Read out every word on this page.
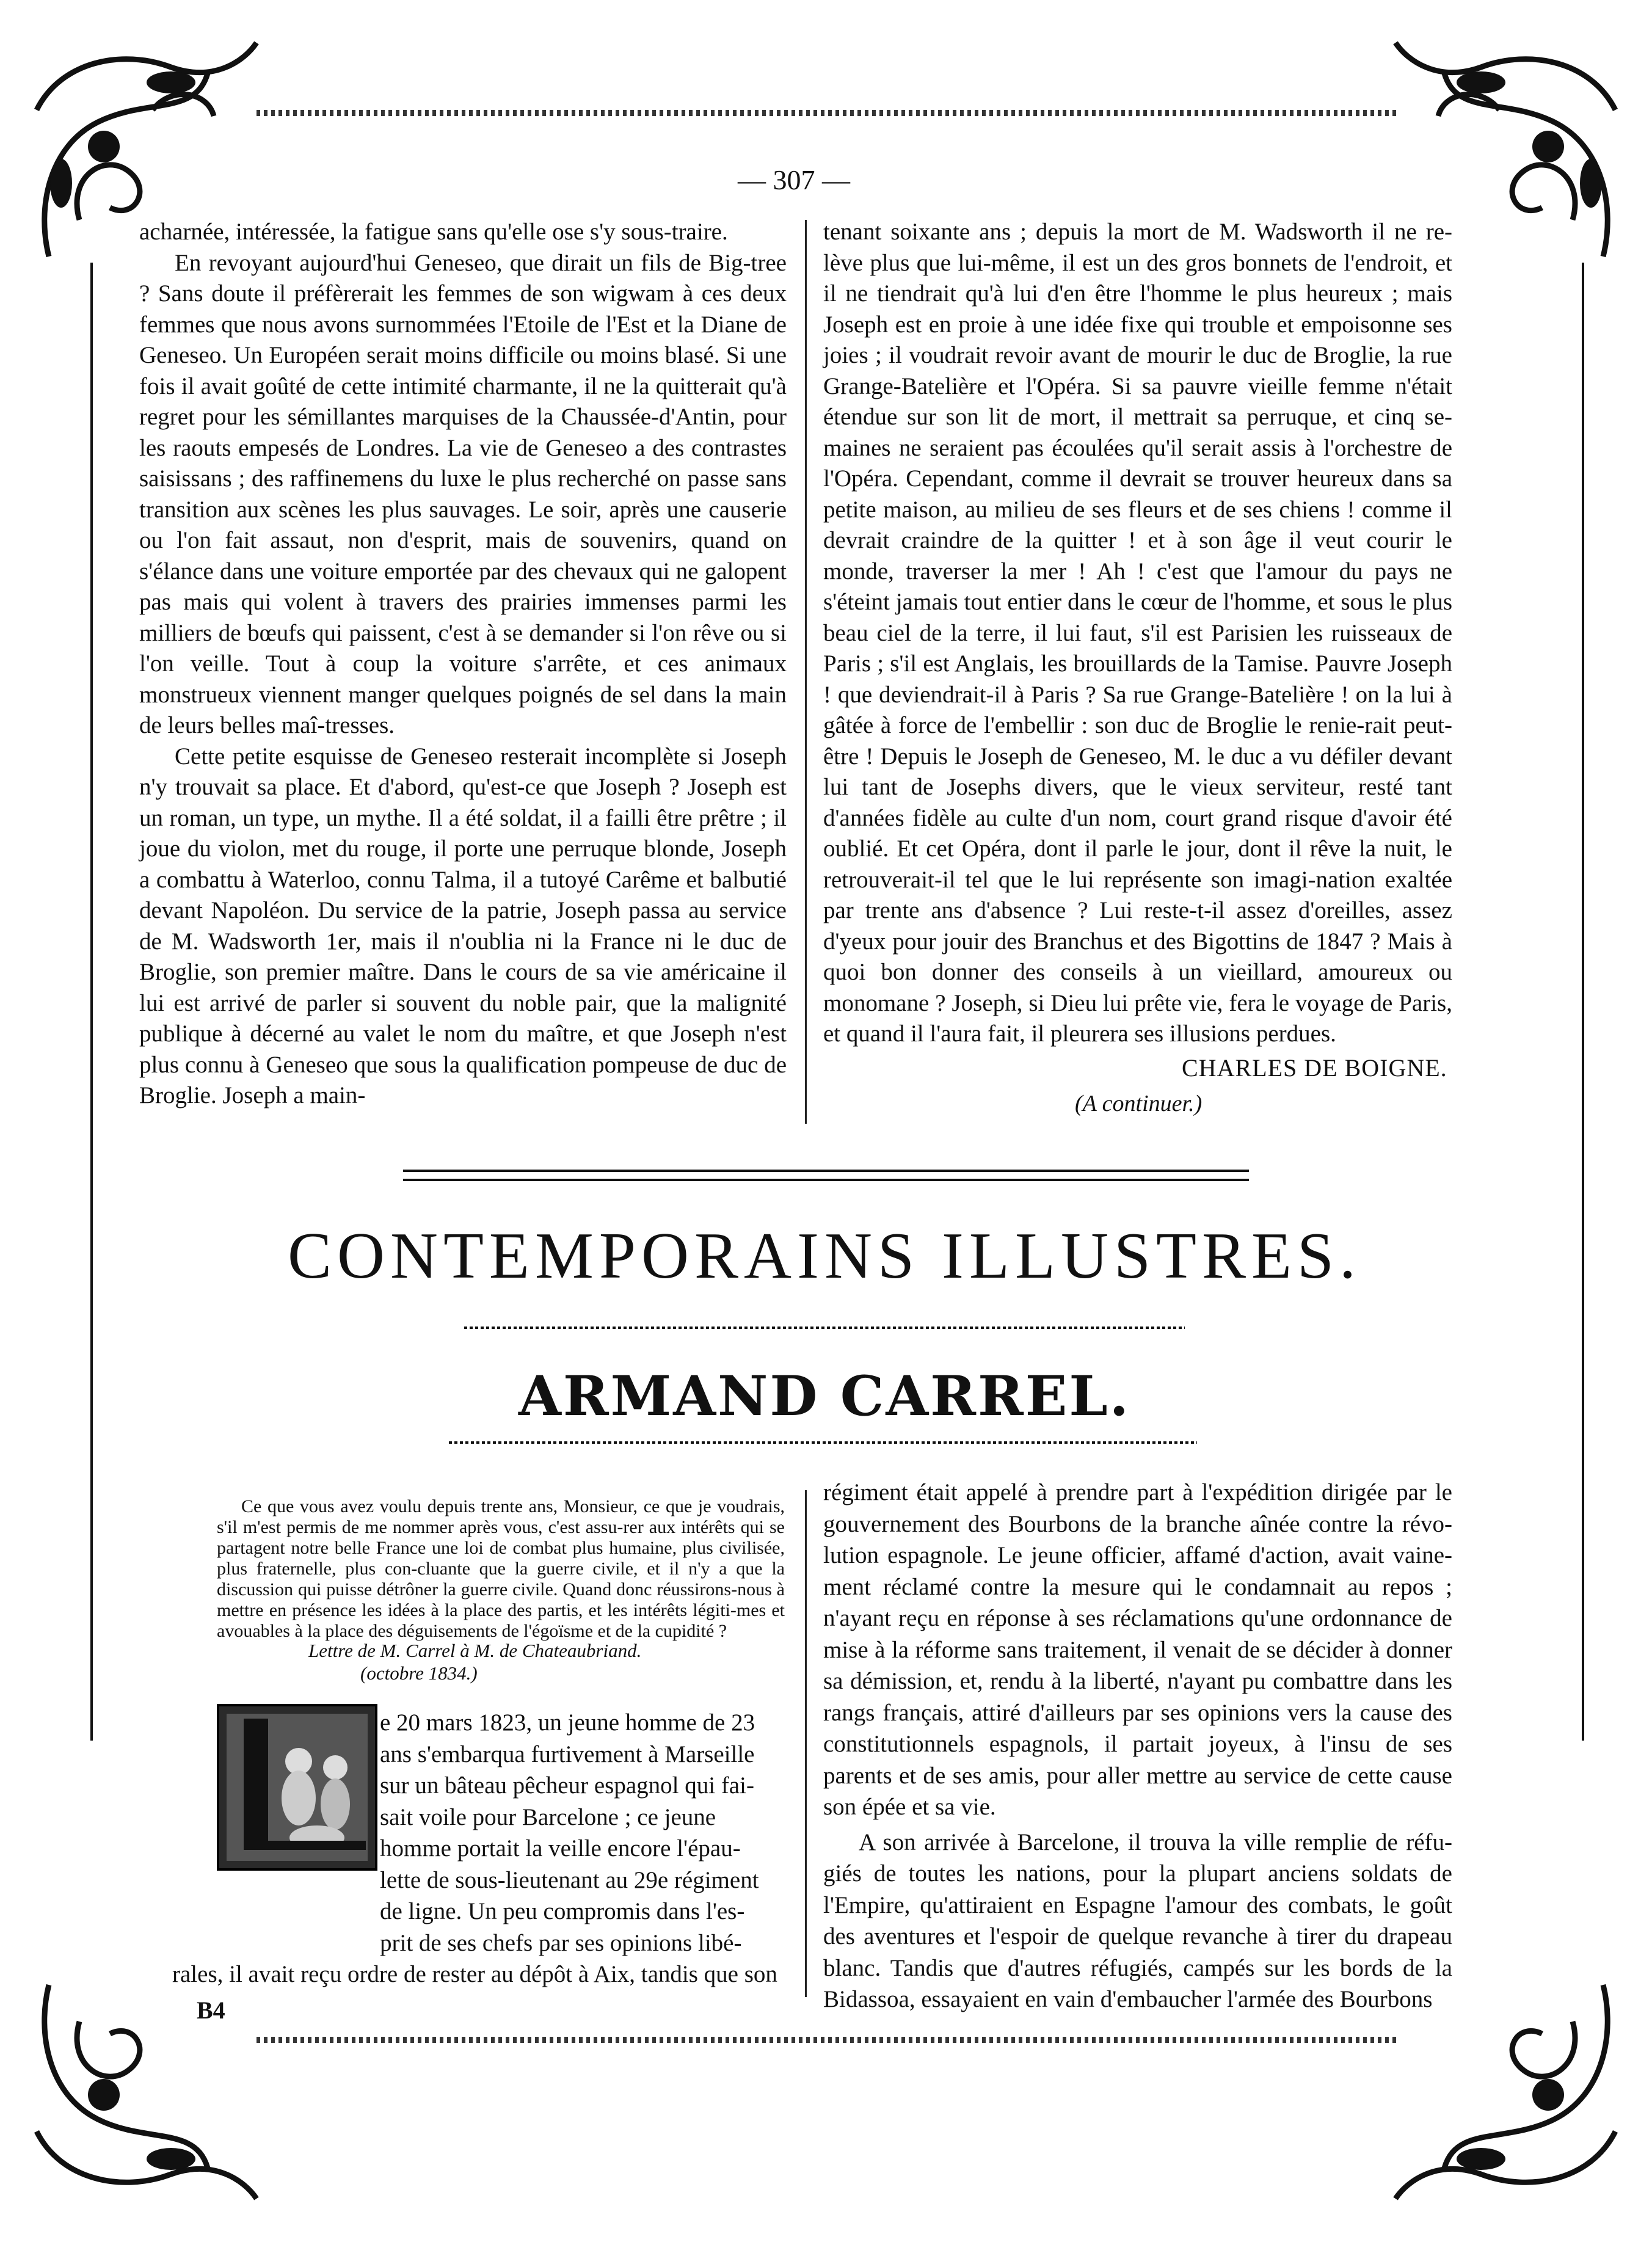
— 307 —

acharnée, intéressée, la fatigue sans qu'elle ose s'y sous-traire.

En revoyant aujourd'hui Geneseo, que dirait un fils de Big-tree ? Sans doute il préfèrerait les femmes de son wigwam à ces deux femmes que nous avons surnommées l'Etoile de l'Est et la Diane de Geneseo. Un Européen serait moins difficile ou moins blasé. Si une fois il avait goûté de cette intimité charmante, il ne la quitterait qu'à regret pour les sémillantes marquises de la Chaussée-d'Antin, pour les raouts empesés de Londres. La vie de Geneseo a des contrastes saisissans ; des raffinemens du luxe le plus recherché on passe sans transition aux scènes les plus sauvages. Le soir, après une causerie ou l'on fait assaut, non d'esprit, mais de souvenirs, quand on s'élance dans une voiture emportée par des chevaux qui ne galopent pas mais qui volent à travers des prairies immenses parmi les milliers de bœufs qui paissent, c'est à se demander si l'on rêve ou si l'on veille. Tout à coup la voiture s'arrête, et ces animaux monstrueux viennent manger quelques poignés de sel dans la main de leurs belles maî-tresses.

Cette petite esquisse de Geneseo resterait incomplète si Joseph n'y trouvait sa place. Et d'abord, qu'est-ce que Joseph ? Joseph est un roman, un type, un mythe. Il a été soldat, il a failli être prêtre ; il joue du violon, met du rouge, il porte une perruque blonde, Joseph a combattu à Waterloo, connu Talma, il a tutoyé Carême et balbutié devant Napoléon. Du service de la patrie, Joseph passa au service de M. Wadsworth 1er, mais il n'oublia ni la France ni le duc de Broglie, son premier maître. Dans le cours de sa vie américaine il lui est arrivé de parler si souvent du noble pair, que la malignité publique à décerné au valet le nom du maître, et que Joseph n'est plus connu à Geneseo que sous la qualification pompeuse de duc de Broglie. Joseph a main-

tenant soixante ans ; depuis la mort de M. Wadsworth il ne re-lève plus que lui-même, il est un des gros bonnets de l'endroit, et il ne tiendrait qu'à lui d'en être l'homme le plus heureux ; mais Joseph est en proie à une idée fixe qui trouble et empoisonne ses joies ; il voudrait revoir avant de mourir le duc de Broglie, la rue Grange-Batelière et l'Opéra. Si sa pauvre vieille femme n'était étendue sur son lit de mort, il mettrait sa perruque, et cinq se-maines ne seraient pas écoulées qu'il serait assis à l'orchestre de l'Opéra. Cependant, comme il devrait se trouver heureux dans sa petite maison, au milieu de ses fleurs et de ses chiens ! comme il devrait craindre de la quitter ! et à son âge il veut courir le monde, traverser la mer ! Ah ! c'est que l'amour du pays ne s'éteint jamais tout entier dans le cœur de l'homme, et sous le plus beau ciel de la terre, il lui faut, s'il est Parisien les ruisseaux de Paris ; s'il est Anglais, les brouillards de la Tamise. Pauvre Joseph ! que deviendrait-il à Paris ? Sa rue Grange-Batelière ! on la lui à gâtée à force de l'embellir : son duc de Broglie le renie-rait peut-être ! Depuis le Joseph de Geneseo, M. le duc a vu défiler devant lui tant de Josephs divers, que le vieux serviteur, resté tant d'années fidèle au culte d'un nom, court grand risque d'avoir été oublié. Et cet Opéra, dont il parle le jour, dont il rêve la nuit, le retrouverait-il tel que le lui représente son imagi-nation exaltée par trente ans d'absence ? Lui reste-t-il assez d'oreilles, assez d'yeux pour jouir des Branchus et des Bigottins de 1847 ? Mais à quoi bon donner des conseils à un vieillard, amoureux ou monomane ? Joseph, si Dieu lui prête vie, fera le voyage de Paris, et quand il l'aura fait, il pleurera ses illusions perdues.

CHARLES DE BOIGNE.
(A continuer.)
CONTEMPORAINS ILLUSTRES.
ARMAND CARREL.
Ce que vous avez voulu depuis trente ans, Monsieur, ce que je voudrais, s'il m'est permis de me nommer après vous, c'est assu-rer aux intérêts qui se partagent notre belle France une loi de combat plus humaine, plus civilisée, plus fraternelle, plus con-cluante que la guerre civile, et il n'y a que la discussion qui puisse détrôner la guerre civile. Quand donc réussirons-nous à mettre en présence les idées à la place des partis, et les intérêts légiti-mes et avouables à la place des déguisements de l'égoïsme et de la cupidité ?
Lettre de M. Carrel à M. de Chateaubriand.
(octobre 1834.)

e 20 mars 1823, un jeune homme de 23

ans s'embarqua furtivement à Marseille

sur un bâteau pêcheur espagnol qui fai-

sait voile pour Barcelone ; ce jeune

homme portait la veille encore l'épau-

lette de sous-lieutenant au 29e régiment

de ligne. Un peu compromis dans l'es-

prit de ses chefs par ses opinions libé-

rales, il avait reçu ordre de rester au dépôt à Aix, tandis que son

B4

régiment était appelé à prendre part à l'expédition dirigée par le gouvernement des Bourbons de la branche aînée contre la révo-lution espagnole. Le jeune officier, affamé d'action, avait vaine-ment réclamé contre la mesure qui le condamnait au repos ; n'ayant reçu en réponse à ses réclamations qu'une ordonnance de mise à la réforme sans traitement, il venait de se décider à donner sa démission, et, rendu à la liberté, n'ayant pu combattre dans les rangs français, attiré d'ailleurs par ses opinions vers la cause des constitutionnels espagnols, il partait joyeux, à l'insu de ses parents et de ses amis, pour aller mettre au service de cette cause son épée et sa vie.

A son arrivée à Barcelone, il trouva la ville remplie de réfu-giés de toutes les nations, pour la plupart anciens soldats de l'Empire, qu'attiraient en Espagne l'amour des combats, le goût des aventures et l'espoir de quelque revanche à tirer du drapeau blanc. Tandis que d'autres réfugiés, campés sur les bords de la Bidassoa, essayaient en vain d'embaucher l'armée des Bourbons
